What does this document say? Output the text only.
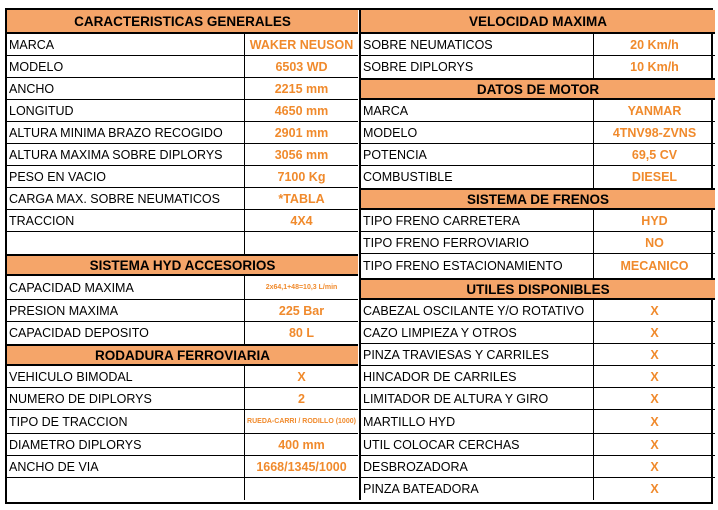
CARACTERISTICAS GENERALES
MARCA	WAKER NEUSON
MODELO	6503 WD
ANCHO	2215 mm
LONGITUD	4650 mm
ALTURA MINIMA BRAZO RECOGIDO	2901 mm
ALTURA MAXIMA SOBRE DIPLORYS	3056 mm
PESO EN VACIO	7100 Kg
CARGA MAX. SOBRE NEUMATICOS	*TABLA
TRACCION	4X4
SISTEMA HYD ACCESORIOS
CAPACIDAD MAXIMA	2x64,1+48=10,3 L/min
PRESION MAXIMA	225 Bar
CAPACIDAD DEPOSITO	80 L
RODADURA FERROVIARIA
VEHICULO BIMODAL	X
NUMERO DE DIPLORYS	2
TIPO DE TRACCION	RUEDA-CARRI / RODILLO (1000)
DIAMETRO DIPLORYS	400 mm
ANCHO DE VIA	1668/1345/1000
VELOCIDAD MAXIMA
SOBRE NEUMATICOS	20 Km/h
SOBRE DIPLORYS	10 Km/h
DATOS DE MOTOR
MARCA	YANMAR
MODELO	4TNV98-ZVNS
POTENCIA	69,5 CV
COMBUSTIBLE	DIESEL
SISTEMA DE FRENOS
TIPO FRENO CARRETERA	HYD
TIPO FRENO FERROVIARIO	NO
TIPO FRENO ESTACIONAMIENTO	MECANICO
UTILES DISPONIBLES
CABEZAL OSCILANTE Y/O ROTATIVO	X
CAZO LIMPIEZA Y OTROS	X
PINZA TRAVIESAS Y CARRILES	X
HINCADOR DE CARRILES	X
LIMITADOR DE ALTURA Y GIRO	X
MARTILLO HYD	X
UTIL COLOCAR CERCHAS	X
DESBROZADORA	X
PINZA BATEADORA	X
